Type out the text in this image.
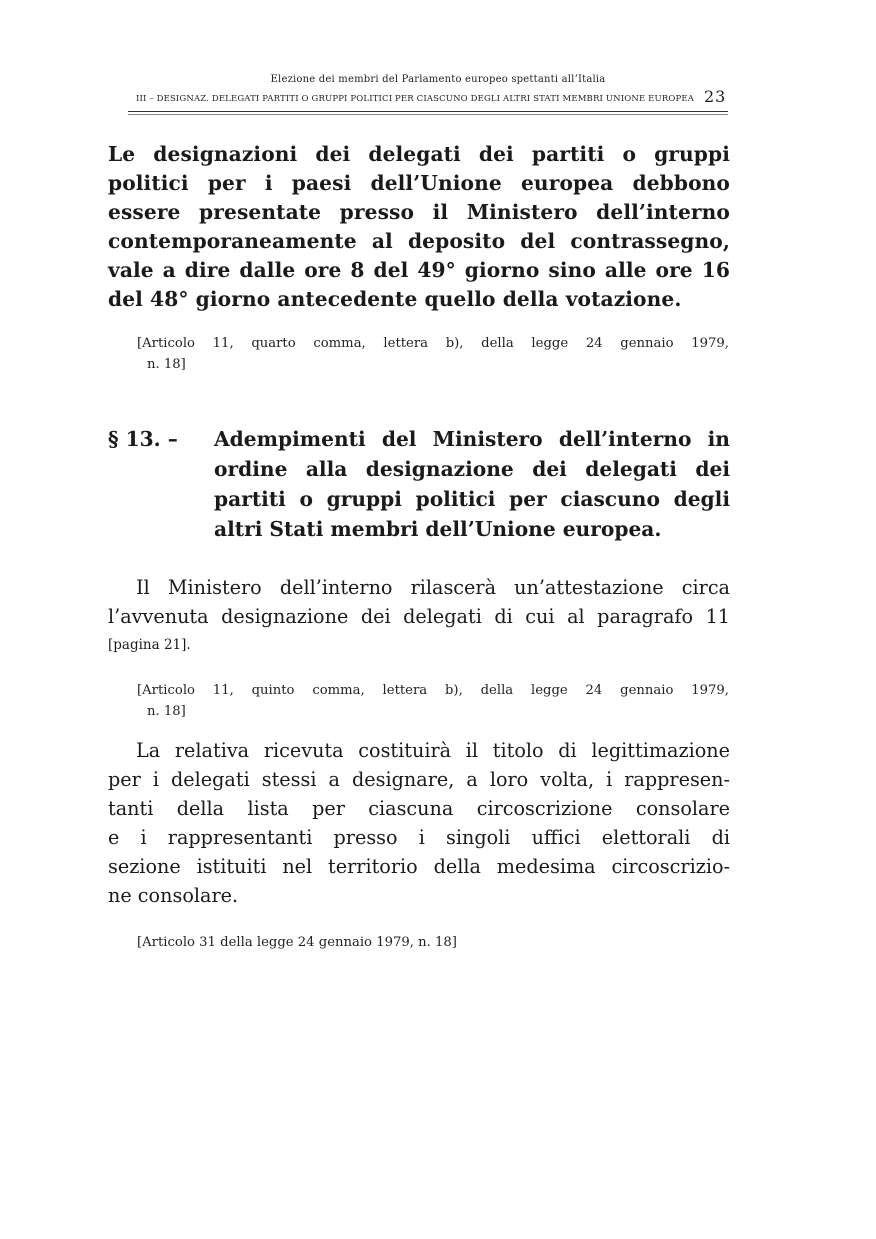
Elezione dei membri del Parlamento europeo spettanti all’Italia
III – DESIGNAZ. DELEGATI PARTITI O GRUPPI POLITICI PER CIASCUNO DEGLI ALTRI STATI MEMBRI UNIONE EUROPEA 23
Le designazioni dei delegati dei partiti o gruppi
politici per i paesi dell’Unione europea debbono
essere presentate presso il Ministero dell’interno
contemporaneamente al deposito del contrassegno,
vale a dire dalle ore 8 del 49° giorno sino alle ore 16
del 48° giorno antecedente quello della votazione.
[Articolo 11, quarto comma, lettera b), della legge 24 gennaio 1979,
n. 18]
§ 13. – Adempimenti del Ministero dell’interno in
ordine alla designazione dei delegati dei
partiti o gruppi politici per ciascuno degli
altri Stati membri dell’Unione europea.
Il Ministero dell’interno rilascerà un’attestazione circa
l’avvenuta designazione dei delegati di cui al paragrafo 11
[pagina 21].
[Articolo 11, quinto comma, lettera b), della legge 24 gennaio 1979,
n. 18]
La relativa ricevuta costituirà il titolo di legittimazione
per i delegati stessi a designare, a loro volta, i rappresen-
tanti della lista per ciascuna circoscrizione consolare
e i rappresentanti presso i singoli uffici elettorali di
sezione istituiti nel territorio della medesima circoscrizio-
ne consolare.
[Articolo 31 della legge 24 gennaio 1979, n. 18]
